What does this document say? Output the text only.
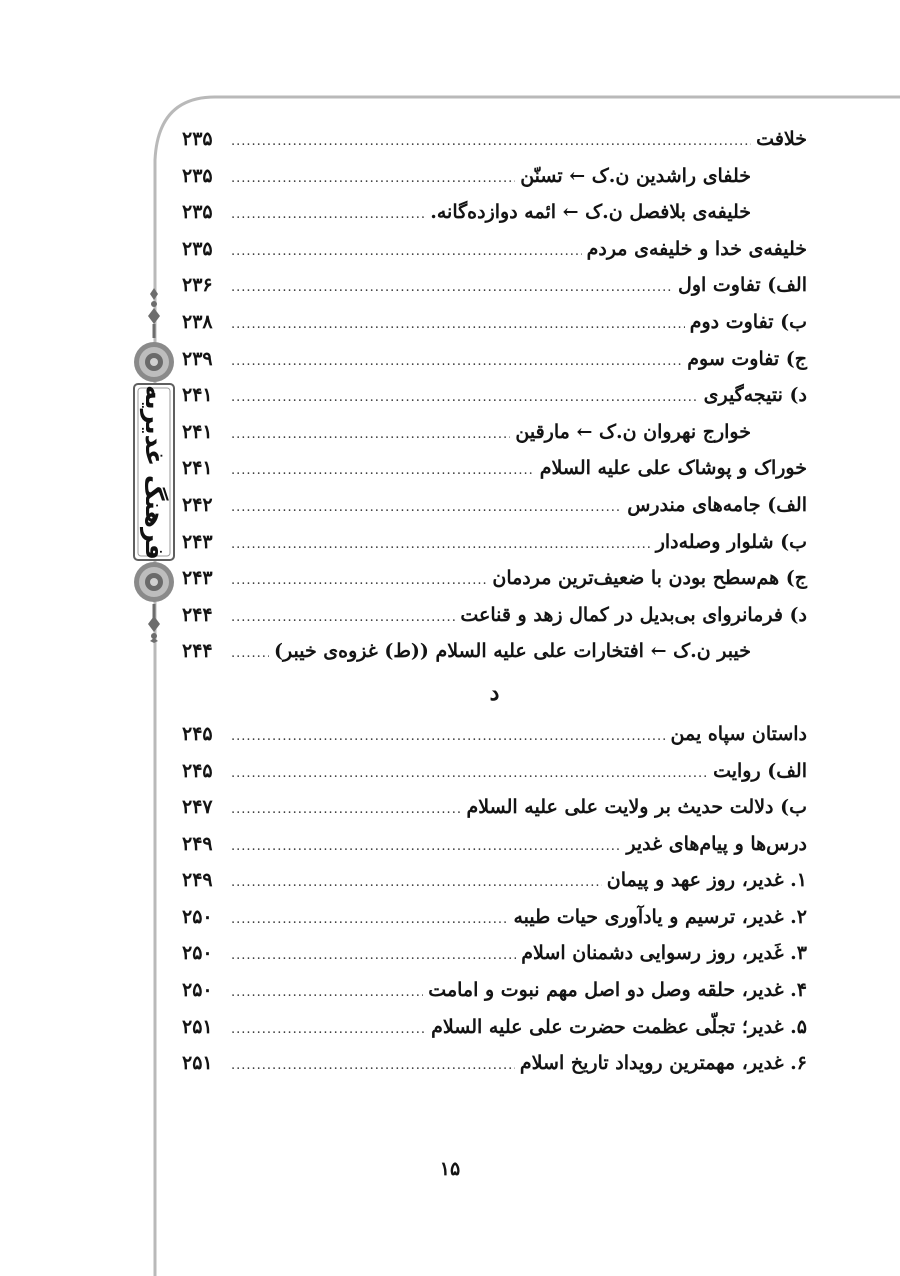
فرهنگ غدیریه
خلافت
.....
۲۳۵
خلفای راشدین ن.ک ← تسنّن
.....
۲۳۵
خلیفه‌ی بلافصل ن.ک ← ائمه دوازده‌گانه.
.....
۲۳۵
خلیفه‌ی خدا و خلیفه‌ی مردم
.....
۲۳۵
الف) تفاوت اول
.....
۲۳۶
ب) تفاوت دوم
.....
۲۳۸
ج) تفاوت سوم
.....
۲۳۹
د) نتیجه‌گیری
.....
۲۴۱
خوارج نهروان ن.ک ← مارقین
.....
۲۴۱
خوراک و پوشاک علی علیه السلام
.....
۲۴۱
الف) جامه‌های مندرس
.....
۲۴۲
ب) شلوار وصله‌دار
.....
۲۴۳
ج) هم‌سطح بودن با ضعیف‌ترین مردمان
.....
۲۴۳
د) فرمانروای بی‌بدیل در کمال زهد و قناعت
.....
۲۴۴
خیبر ن.ک ← افتخارات علی علیه السلام ((ط) غزوه‌ی خیبر)
.....
۲۴۴
د
داستان سپاه یمن
.....
۲۴۵
الف) روایت
.....
۲۴۵
ب) دلالت حدیث بر ولایت علی علیه السلام
.....
۲۴۷
درس‌ها و پیام‌های غدیر
.....
۲۴۹
۱. غدیر، روز عهد و پیمان
.....
۲۴۹
۲. غدیر، ترسیم و یادآوری حیات طیبه
.....
۲۵۰
۳. غَدیر، روز رسوایی دشمنان اسلام
.....
۲۵۰
۴. غدیر، حلقه وصل دو اصل مهم نبوت و امامت
.....
۲۵۰
۵. غدیر؛ تجلّی عظمت حضرت علی علیه السلام
.....
۲۵۱
۶. غدیر، مهمترین رویداد تاریخ اسلام
.....
۲۵۱
۱۵
